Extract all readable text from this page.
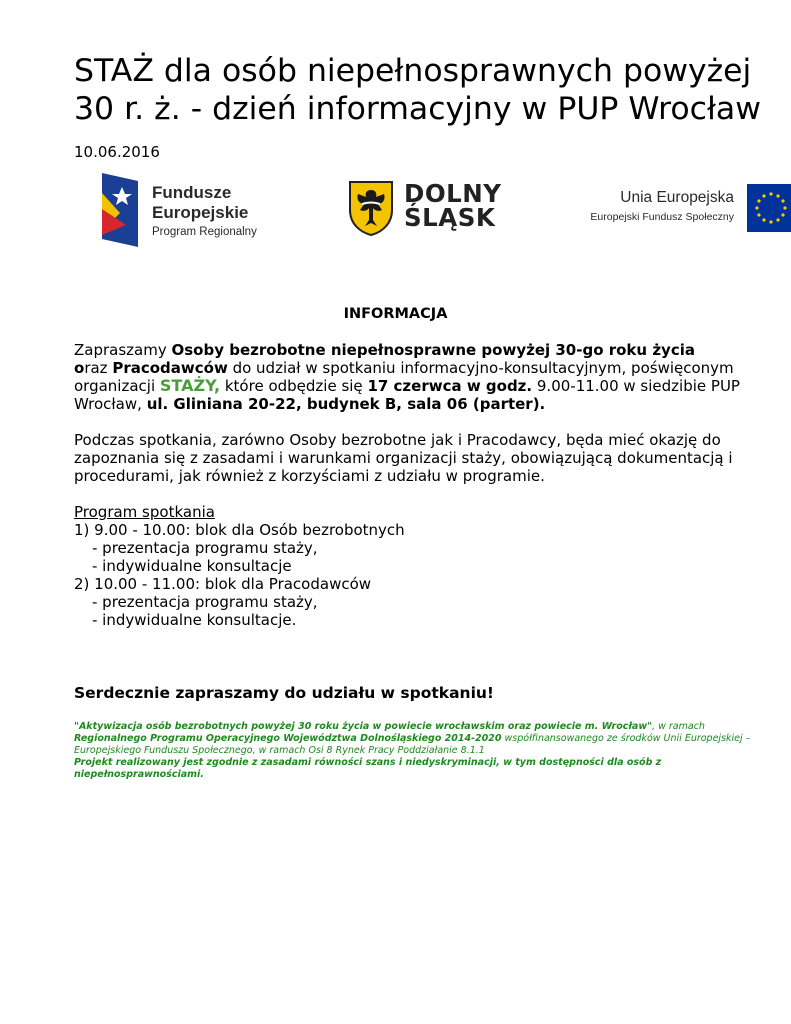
STAŻ dla osób niepełnosprawnych powyżej 30 r. ż. - dzień informacyjny w PUP Wrocław
10.06.2016
Fundusze
Europejskie
Program Regionalny
DOLNY
ŚLĄSK
Unia Europejska
Europejski Fundusz Społeczny
INFORMACJA

Zapraszamy Osoby bezrobotne niepełnosprawne powyżej 30-go roku życia
oraz Pracodawców do udział w spotkaniu informacyjno-konsultacyjnym, poświęconym organizacji STAŻY, które odbędzie się 17 czerwca w godz. 9.00-11.00 w siedzibie PUP Wrocław, ul. Gliniana 20-22, budynek B, sala 06 (parter).

Podczas spotkania, zarówno Osoby bezrobotne jak i Pracodawcy, będa mieć okazję do zapoznania się z zasadami i warunkami organizacji staży, obowiązującą dokumentacją i procedurami, jak również z korzyściami z udziału w programie.

Program spotkania

1) 9.00 - 10.00: blok dla Osób bezrobotnych

- prezentacja programu staży,

- indywidualne konsultacje

2) 10.00 - 11.00: blok dla Pracodawców

- prezentacja programu staży,

- indywidualne konsultacje.

Serdecznie zapraszamy do udziału w spotkaniu!
"Aktywizacja osób bezrobotnych powyżej 30 roku życia w powiecie wrocławskim oraz powiecie m. Wrocław", w ramach Regionalnego Programu Operacyjnego Województwa Dolnośląskiego 2014-2020 współfinansowanego ze środków Unii Europejskiej – Europejskiego Funduszu Społecznego, w ramach Osi 8 Rynek Pracy Poddziałanie 8.1.1
Projekt realizowany jest zgodnie z zasadami równości szans i niedyskryminacji, w tym dostępności dla osób z niepełnosprawnościami.
